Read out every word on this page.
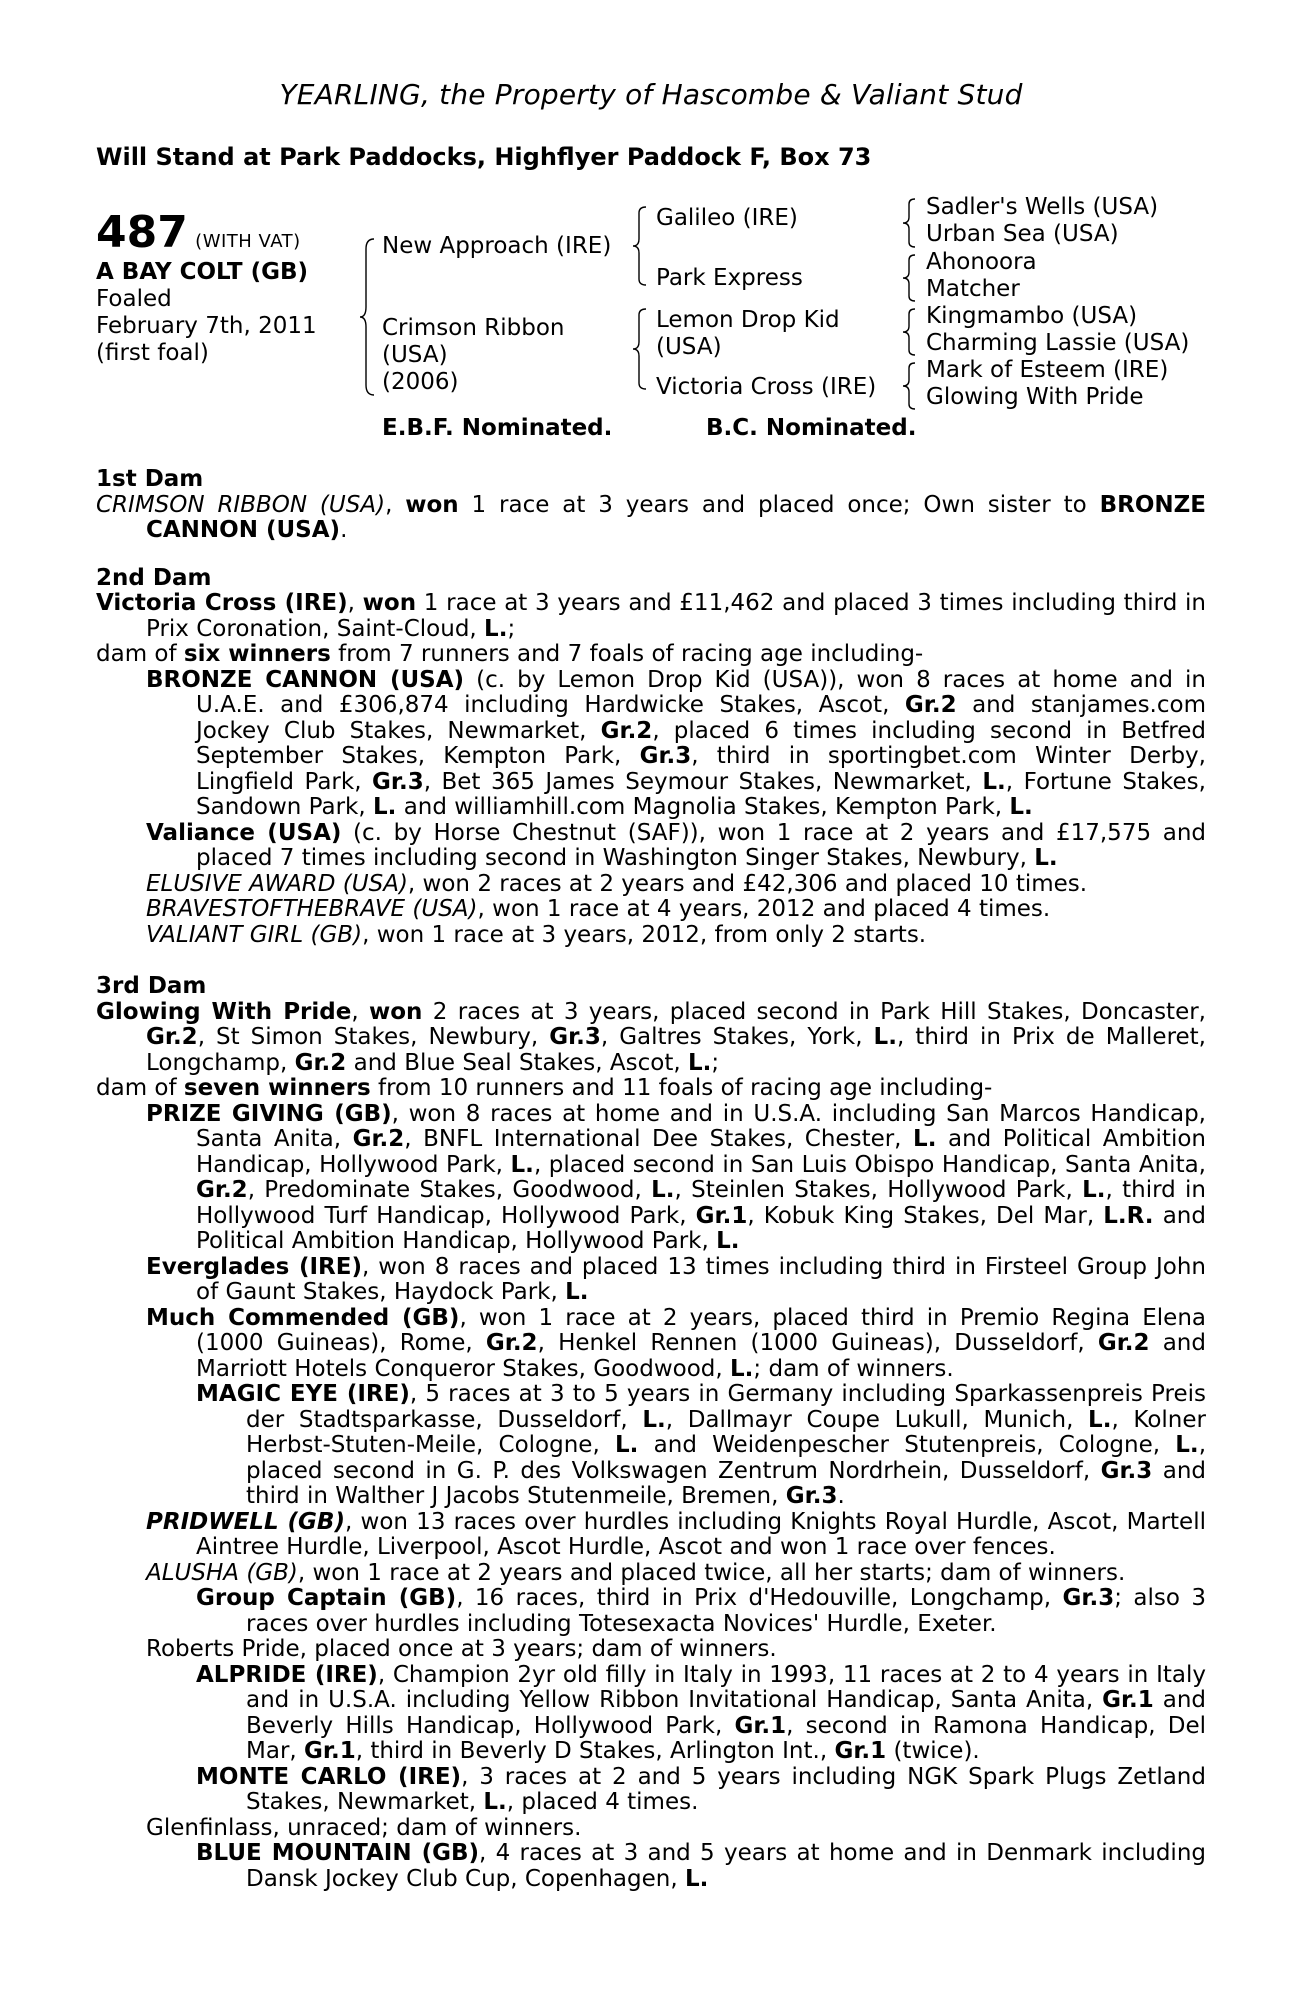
YEARLING, the Property of Hascombe & Valiant Stud
Will Stand at Park Paddocks, Highflyer Paddock F, Box 73
487 (WITH VAT)
A BAY COLT (GB)
Foaled
February 7th, 2011
(first foal)
New Approach (IRE)
Crimson Ribbon
(USA)
(2006)
Galileo (IRE)
Park Express
Lemon Drop Kid
(USA)
Victoria Cross (IRE)
Sadler's Wells (USA)
Urban Sea (USA)
Ahonoora
Matcher
Kingmambo (USA)
Charming Lassie (USA)
Mark of Esteem (IRE)
Glowing With Pride
E.B.F. Nominated.	B.C. Nominated.
1st Dam
CRIMSON RIBBON (USA), won 1 race at 3 years and placed once; Own sister to BRONZE CANNON (USA).
2nd Dam
Victoria Cross (IRE), won 1 race at 3 years and £11,462 and placed 3 times including third in Prix Coronation, Saint-Cloud, L.;
dam of six winners from 7 runners and 7 foals of racing age including-
BRONZE CANNON (USA) (c. by Lemon Drop Kid (USA)), won 8 races at home and in U.A.E. and £306,874 including Hardwicke Stakes, Ascot, Gr.2 and stanjames.com Jockey Club Stakes, Newmarket, Gr.2, placed 6 times including second in Betfred September Stakes, Kempton Park, Gr.3, third in sportingbet.com Winter Derby, Lingfield Park, Gr.3, Bet 365 James Seymour Stakes, Newmarket, L., Fortune Stakes, Sandown Park, L. and williamhill.com Magnolia Stakes, Kempton Park, L.
Valiance (USA) (c. by Horse Chestnut (SAF)), won 1 race at 2 years and £17,575 and placed 7 times including second in Washington Singer Stakes, Newbury, L.
ELUSIVE AWARD (USA), won 2 races at 2 years and £42,306 and placed 10 times.
BRAVESTOFTHEBRAVE (USA), won 1 race at 4 years, 2012 and placed 4 times.
VALIANT GIRL (GB), won 1 race at 3 years, 2012, from only 2 starts.
3rd Dam
Glowing With Pride, won 2 races at 3 years, placed second in Park Hill Stakes, Doncaster, Gr.2, St Simon Stakes, Newbury, Gr.3, Galtres Stakes, York, L., third in Prix de Malleret, Longchamp, Gr.2 and Blue Seal Stakes, Ascot, L.;
dam of seven winners from 10 runners and 11 foals of racing age including-
PRIZE GIVING (GB), won 8 races at home and in U.S.A. including San Marcos Handicap, Santa Anita, Gr.2, BNFL International Dee Stakes, Chester, L. and Political Ambition Handicap, Hollywood Park, L., placed second in San Luis Obispo Handicap, Santa Anita, Gr.2, Predominate Stakes, Goodwood, L., Steinlen Stakes, Hollywood Park, L., third in Hollywood Turf Handicap, Hollywood Park, Gr.1, Kobuk King Stakes, Del Mar, L.R. and Political Ambition Handicap, Hollywood Park, L.
Everglades (IRE), won 8 races and placed 13 times including third in Firsteel Group John of Gaunt Stakes, Haydock Park, L.
Much Commended (GB), won 1 race at 2 years, placed third in Premio Regina Elena (1000 Guineas), Rome, Gr.2, Henkel Rennen (1000 Guineas), Dusseldorf, Gr.2 and Marriott Hotels Conqueror Stakes, Goodwood, L.; dam of winners.
MAGIC EYE (IRE), 5 races at 3 to 5 years in Germany including Sparkassenpreis Preis der Stadtsparkasse, Dusseldorf, L., Dallmayr Coupe Lukull, Munich, L., Kolner Herbst-Stuten-Meile, Cologne, L. and Weidenpescher Stutenpreis, Cologne, L., placed second in G. P. des Volkswagen Zentrum Nordrhein, Dusseldorf, Gr.3 and third in Walther J Jacobs Stutenmeile, Bremen, Gr.3.
PRIDWELL (GB), won 13 races over hurdles including Knights Royal Hurdle, Ascot, Martell Aintree Hurdle, Liverpool, Ascot Hurdle, Ascot and won 1 race over fences.
ALUSHA (GB), won 1 race at 2 years and placed twice, all her starts; dam of winners.
Group Captain (GB), 16 races, third in Prix d'Hedouville, Longchamp, Gr.3; also 3 races over hurdles including Totesexacta Novices' Hurdle, Exeter.
Roberts Pride, placed once at 3 years; dam of winners.
ALPRIDE (IRE), Champion 2yr old filly in Italy in 1993, 11 races at 2 to 4 years in Italy and in U.S.A. including Yellow Ribbon Invitational Handicap, Santa Anita, Gr.1 and Beverly Hills Handicap, Hollywood Park, Gr.1, second in Ramona Handicap, Del Mar, Gr.1, third in Beverly D Stakes, Arlington Int., Gr.1 (twice).
MONTE CARLO (IRE), 3 races at 2 and 5 years including NGK Spark Plugs Zetland Stakes, Newmarket, L., placed 4 times.
Glenfinlass, unraced; dam of winners.
BLUE MOUNTAIN (GB), 4 races at 3 and 5 years at home and in Denmark including Dansk Jockey Club Cup, Copenhagen, L.
